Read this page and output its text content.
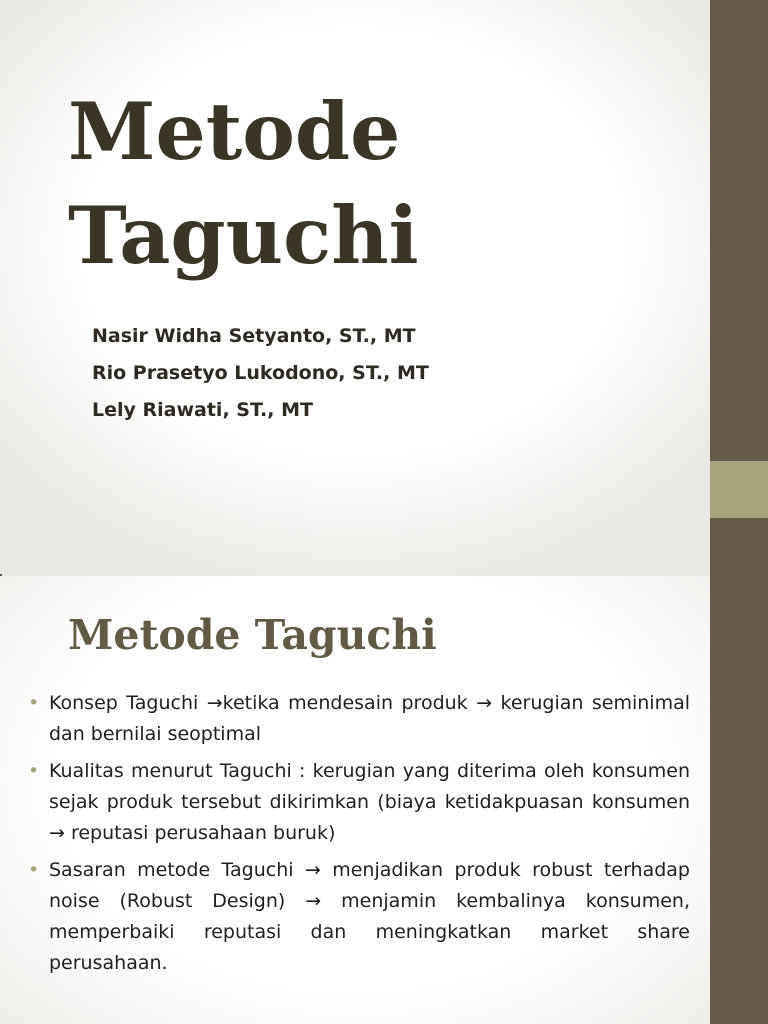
Metode
Taguchi
Nasir Widha Setyanto, ST., MT
Rio Prasetyo Lukodono, ST., MT
Lely Riawati, ST., MT
Metode Taguchi
• Konsep Taguchi →ketika mendesain produk → kerugian seminimal dan bernilai seoptimal
• Kualitas menurut Taguchi : kerugian yang diterima oleh konsumen sejak produk tersebut dikirimkan (biaya ketidakpuasan konsumen → reputasi perusahaan buruk)
• Sasaran metode Taguchi → menjadikan produk robust terhadap noise (Robust Design) → menjamin kembalinya konsumen, memperbaiki reputasi dan meningkatkan market share perusahaan.
